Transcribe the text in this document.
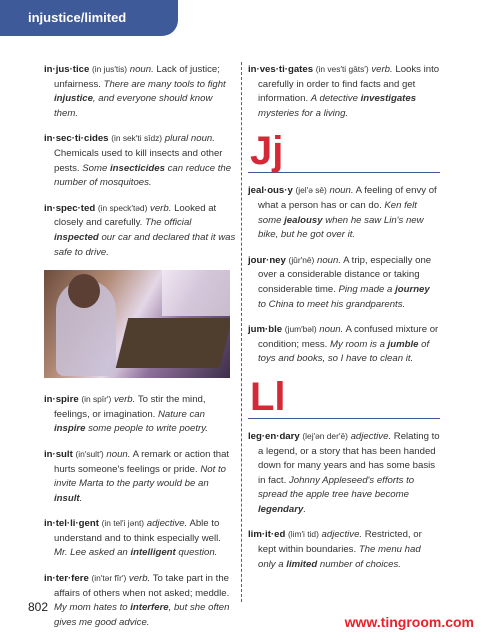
injustice/limited

in·jus·tice (in jus′tis) noun. Lack of justice; unfairness. There are many tools to fight injustice, and everyone should know them.

in·sec·ti·cides (in sek′ti sīdz) plural noun. Chemicals used to kill insects and other pests. Some insecticides can reduce the number of mosquitoes.

in·spec·ted (in speck′təd) verb. Looked at closely and carefully. The official inspected our car and declared that it was safe to drive.

in·spire (in spīr′) verb. To stir the mind, feelings, or imagination. Nature can inspire some people to write poetry.

in·sult (in′sult′) noun. A remark or action that hurts someone's feelings or pride. Not to invite Marta to the party would be an insult.

in·tel·li·gent (in tel′i jənt) adjective. Able to understand and to think especially well. Mr. Lee asked an intelligent question.

in·ter·fere (in′tər fîr′) verb. To take part in the affairs of others when not asked; meddle. My mom hates to interfere, but she often gives me good advice.

in·ves·ti·gates (in ves′ti gāts′) verb. Looks into carefully in order to find facts and get information. A detective investigates mysteries for a living.

Jj

jeal·ous·y (jel′ə sē) noun. A feeling of envy of what a person has or can do. Ken felt some jealousy when he saw Lin's new bike, but he got over it.

jour·ney (jûr′nē) noun. A trip, especially one over a considerable distance or taking considerable time. Ping made a journey to China to meet his grandparents.

jum·ble (jum′bəl) noun. A confused mixture or condition; mess. My room is a jumble of toys and books, so I have to clean it.

Ll

leg·en·dary (lej′ən der′ē) adjective. Relating to a legend, or a story that has been handed down for many years and has some basis in fact. Johnny Appleseed's efforts to spread the apple tree have become legendary.

lim·it·ed (lim′i tid) adjective. Restricted, or kept within boundaries. The menu had only a limited number of choices.

802
www.tingroom.com
